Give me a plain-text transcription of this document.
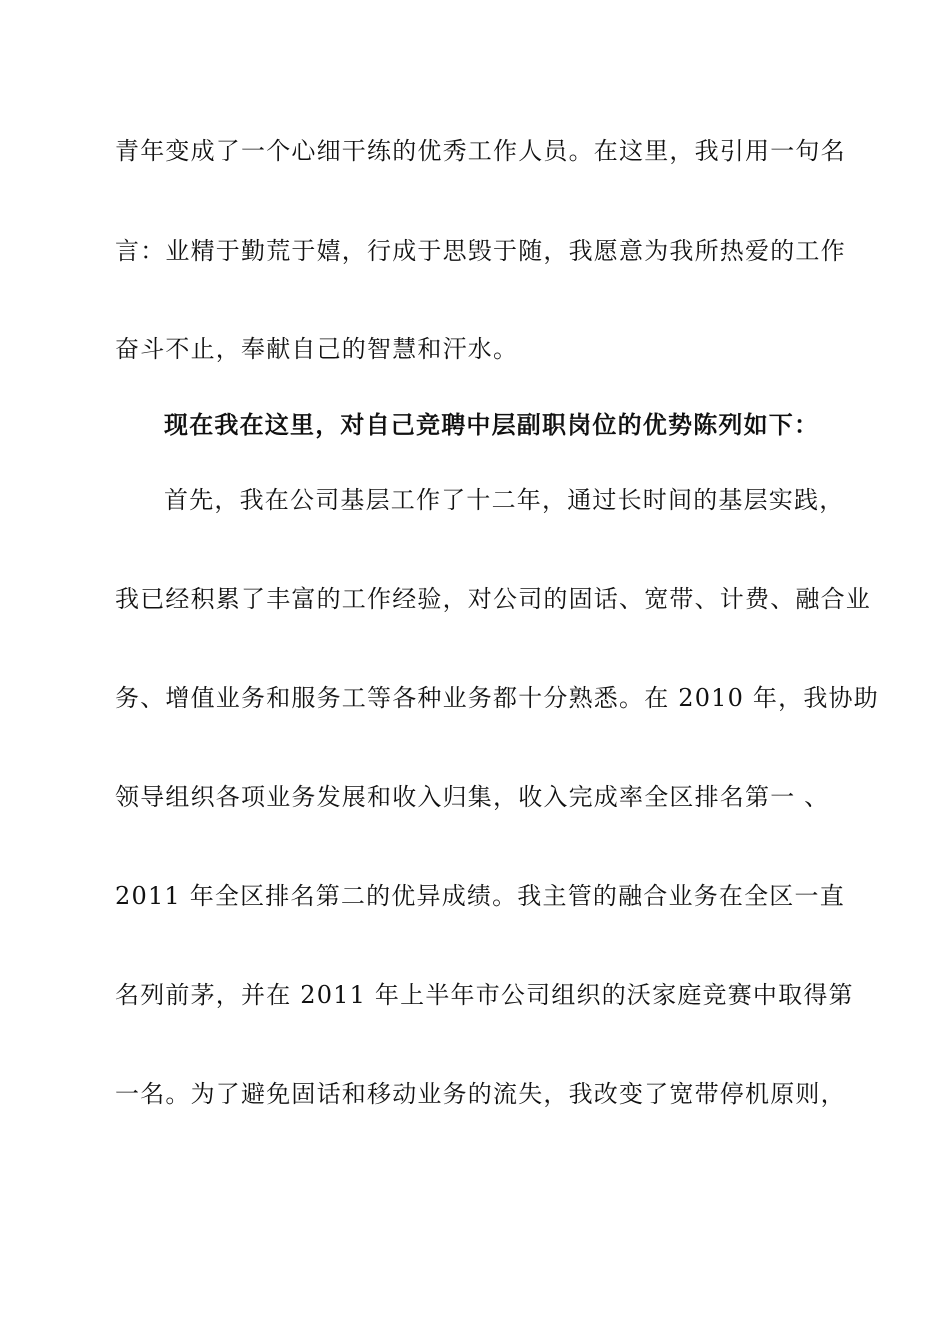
青年变成了一个心细干练的优秀工作人员。在这里，我引用一句名
言：业精于勤荒于嬉，行成于思毁于随，我愿意为我所热爱的工作
奋斗不止，奉献自己的智慧和汗水。
现在我在这里，对自己竞聘中层副职岗位的优势陈列如下：
首先，我在公司基层工作了十二年，通过长时间的基层实践，
我已经积累了丰富的工作经验，对公司的固话、宽带、计费、融合业
务、增值业务和服务工等各种业务都十分熟悉。在 2010 年，我协助
领导组织各项业务发展和收入归集，收入完成率全区排名第一 、
2011 年全区排名第二的优异成绩。我主管的融合业务在全区一直
名列前茅，并在 2011 年上半年市公司组织的沃家庭竞赛中取得第
一名。为了避免固话和移动业务的流失，我改变了宽带停机原则，
